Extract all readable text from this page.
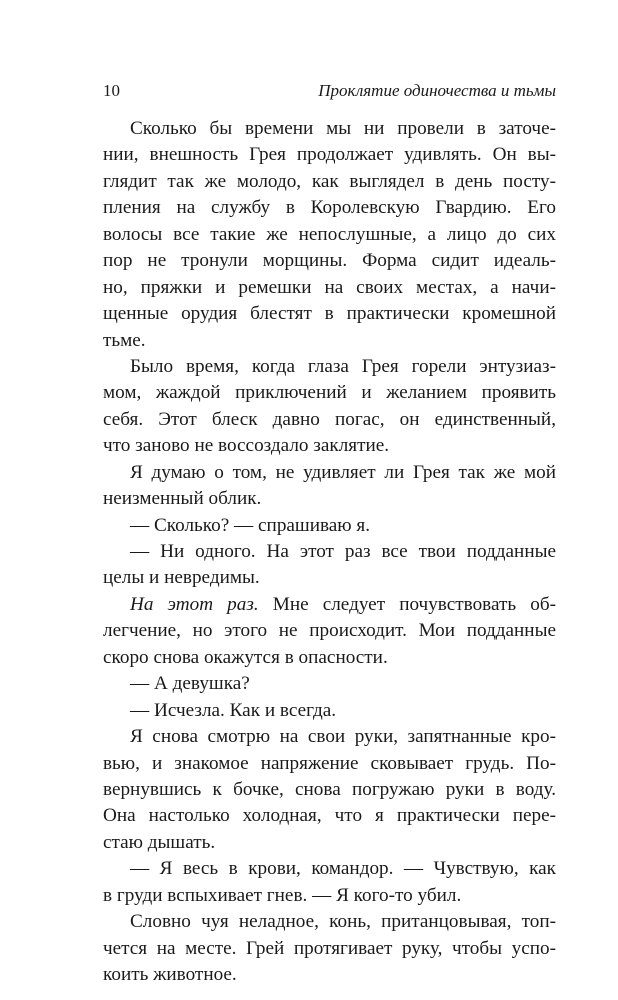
10	Проклятие одиночества и тьмы
Сколько бы времени мы ни провели в заточе-
нии, внешность Грея продолжает удивлять. Он вы-
глядит так же молодо, как выглядел в день посту-
пления на службу в Королевскую Гвардию. Его
волосы все такие же непослушные, а лицо до сих
пор не тронули морщины. Форма сидит идеаль-
но, пряжки и ремешки на своих местах, а начи-
щенные орудия блестят в практически кромешной
тьме.
Было время, когда глаза Грея горели энтузиаз-
мом, жаждой приключений и желанием проявить
себя. Этот блеск давно погас, он единственный,
что заново не воссоздало заклятие.
Я думаю о том, не удивляет ли Грея так же мой
неизменный облик.
— Сколько? — спрашиваю я.
— Ни одного. На этот раз все твои подданные
целы и невредимы.
На этот раз. Мне следует почувствовать об-
легчение, но этого не происходит. Мои подданные
скоро снова окажутся в опасности.
— А девушка?
— Исчезла. Как и всегда.
Я снова смотрю на свои руки, запятнанные кро-
вью, и знакомое напряжение сковывает грудь. По-
вернувшись к бочке, снова погружаю руки в воду.
Она настолько холодная, что я практически пере-
стаю дышать.
— Я весь в крови, командор. — Чувствую, как
в груди вспыхивает гнев. — Я кого-то убил.
Словно чуя неладное, конь, пританцовывая, топ-
чется на месте. Грей протягивает руку, чтобы успо-
коить животное.
